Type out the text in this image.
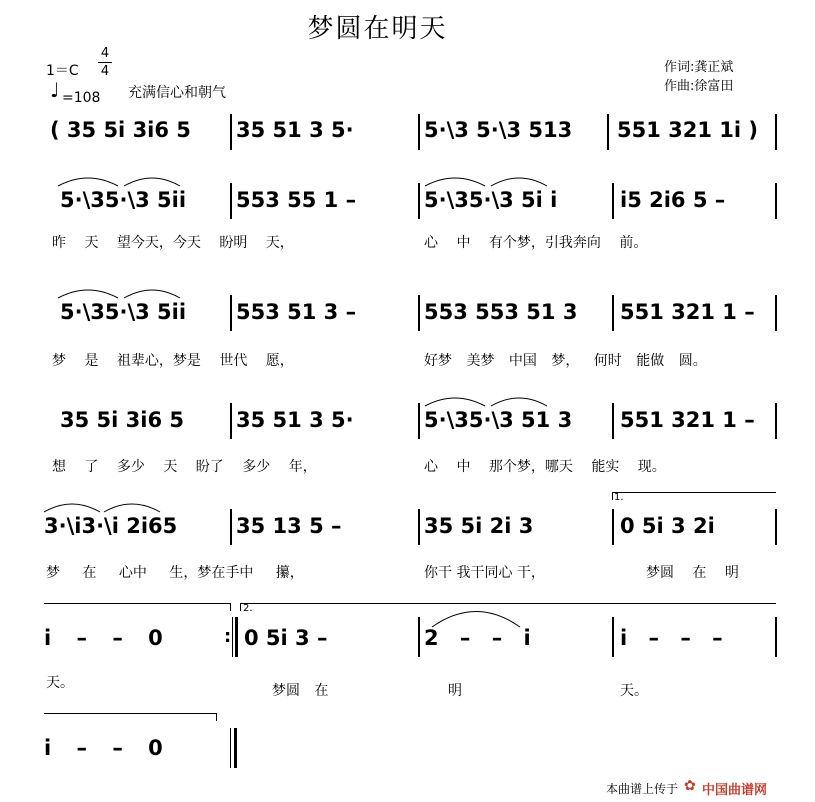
梦圆在明天
1＝C
4
4
♩ =108 充满信心和朝气
作词:龚正斌
作曲:徐富田
( 35 5i 3i6 5 35 51 3 5·	5·\3 5·\3 513 551 321 1i )
5·\35·\3 5ii 553 55 1 –	5·\35·\3 5i i	i5 2i6 5 –
昨 天 望今天，今天 盼明 天，	心 中 有个梦，引我奔向 前。
5·\35·\3 5ii 553 51 3 –	553 553 51 3 551 321 1 –
梦 是 祖辈心，梦是 世代 愿，	好梦 美梦 中国 梦， 何时 能做 圆。
35 5i 3i6 5 35 51 3 5·	5·\35·\3 51 3 551 321 1 –
想 了 多少 天 盼了 多少 年，	心 中 那个梦，哪天 能实 现。
1.
3·\i3·\i 2i65	35 13 5 –	35 5i 2i 3	0 5i 3 2i
梦 在 心中 生，梦在手中 攥，	你干 我干同心 干，	梦圆 在 明
2.
i – – 0	: 0 5i 3 –	2 – – i	i – – –
天。	梦圆 在	明	天。
i – – 0
本曲谱上传于 ✿ 中国曲谱网
